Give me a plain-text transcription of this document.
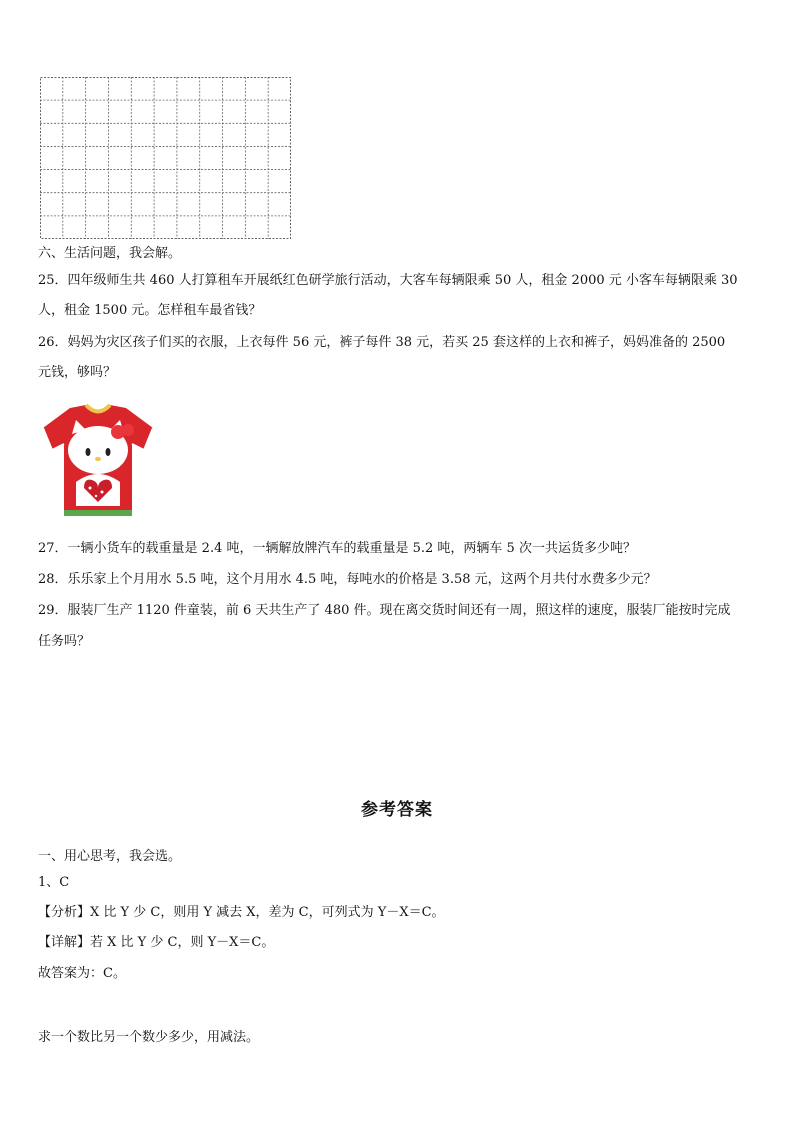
六、生活问题，我会解。
25．四年级师生共 460 人打算租车开展纸红色研学旅行活动，大客车每辆限乘 50 人，租金 2000 元 小客车每辆限乘 30
人，租金 1500 元。怎样租车最省钱？
26．妈妈为灾区孩子们买的衣服，上衣每件 56 元，裤子每件 38 元，若买 25 套这样的上衣和裤子，妈妈准备的 2500
元钱，够吗？
27．一辆小货车的载重量是 2.4 吨，一辆解放牌汽车的载重量是 5.2 吨，两辆车 5 次一共运货多少吨？
28．乐乐家上个月用水 5.5 吨，这个月用水 4.5 吨，每吨水的价格是 3.58 元，这两个月共付水费多少元？
29．服装厂生产 1120 件童装，前 6 天共生产了 480 件。现在离交货时间还有一周，照这样的速度，服装厂能按时完成
任务吗？
参考答案
一、用心思考，我会选。
1、C
【分析】X 比 Y 少 C，则用 Y 减去 X，差为 C，可列式为 Y－X＝C。
【详解】若 X 比 Y 少 C，则 Y－X＝C。
故答案为：C。
求一个数比另一个数少多少，用减法。
